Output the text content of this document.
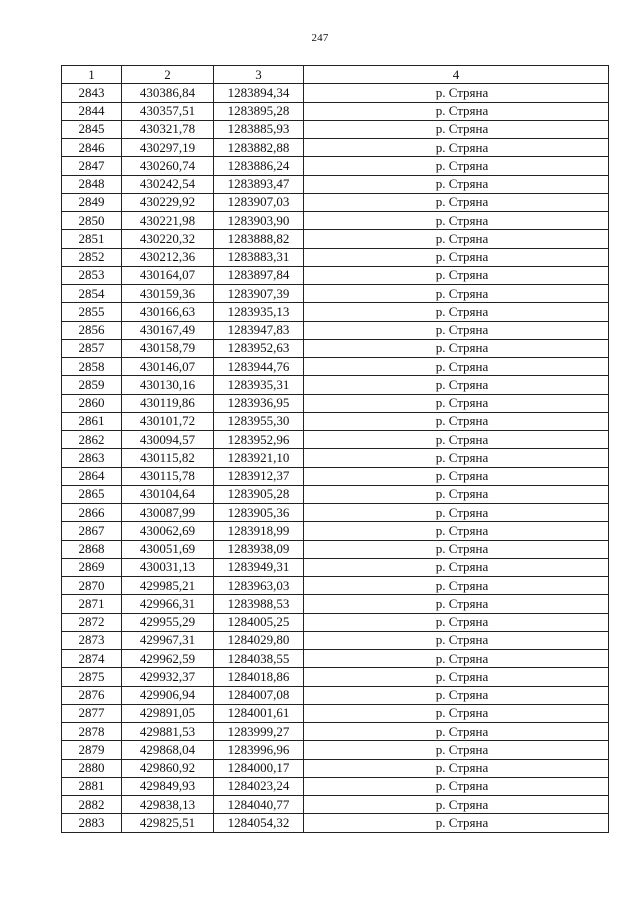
247
1	2	3	4
2843	430386,84	1283894,34	р. Стряна
2844	430357,51	1283895,28	р. Стряна
2845	430321,78	1283885,93	р. Стряна
2846	430297,19	1283882,88	р. Стряна
2847	430260,74	1283886,24	р. Стряна
2848	430242,54	1283893,47	р. Стряна
2849	430229,92	1283907,03	р. Стряна
2850	430221,98	1283903,90	р. Стряна
2851	430220,32	1283888,82	р. Стряна
2852	430212,36	1283883,31	р. Стряна
2853	430164,07	1283897,84	р. Стряна
2854	430159,36	1283907,39	р. Стряна
2855	430166,63	1283935,13	р. Стряна
2856	430167,49	1283947,83	р. Стряна
2857	430158,79	1283952,63	р. Стряна
2858	430146,07	1283944,76	р. Стряна
2859	430130,16	1283935,31	р. Стряна
2860	430119,86	1283936,95	р. Стряна
2861	430101,72	1283955,30	р. Стряна
2862	430094,57	1283952,96	р. Стряна
2863	430115,82	1283921,10	р. Стряна
2864	430115,78	1283912,37	р. Стряна
2865	430104,64	1283905,28	р. Стряна
2866	430087,99	1283905,36	р. Стряна
2867	430062,69	1283918,99	р. Стряна
2868	430051,69	1283938,09	р. Стряна
2869	430031,13	1283949,31	р. Стряна
2870	429985,21	1283963,03	р. Стряна
2871	429966,31	1283988,53	р. Стряна
2872	429955,29	1284005,25	р. Стряна
2873	429967,31	1284029,80	р. Стряна
2874	429962,59	1284038,55	р. Стряна
2875	429932,37	1284018,86	р. Стряна
2876	429906,94	1284007,08	р. Стряна
2877	429891,05	1284001,61	р. Стряна
2878	429881,53	1283999,27	р. Стряна
2879	429868,04	1283996,96	р. Стряна
2880	429860,92	1284000,17	р. Стряна
2881	429849,93	1284023,24	р. Стряна
2882	429838,13	1284040,77	р. Стряна
2883	429825,51	1284054,32	р. Стряна
